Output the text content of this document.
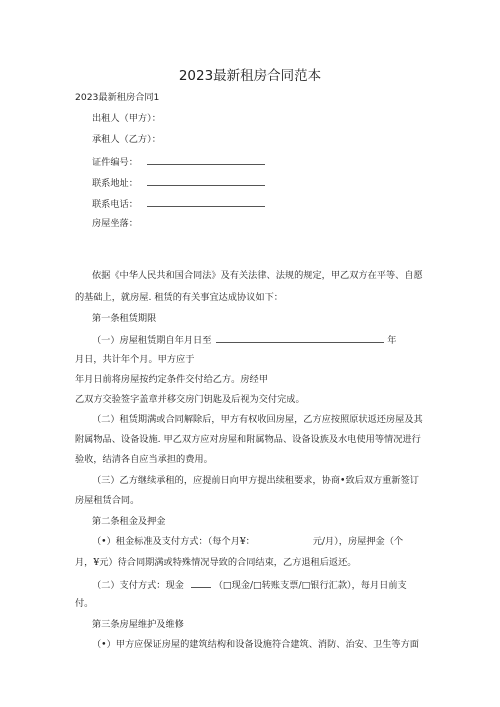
2023最新租房合同范本
2023最新租房合同1
出租人（甲方）：
承租人（乙方）：
证件编号：
联系地址：
联系电话：
房屋坐落：
依据《中华人民共和国合同法》及有关法律、法规的规定，甲乙双方在平等、自愿
的基础上，就房屋. 租赁的有关事宜达成协议如下：
第一条租赁期限
（一）房屋租赁期自年月日至	年
月日，共计年个月。甲方应于
年月日前将房屋按约定条件交付给乙方。房经甲
乙双方交验签字盖章并移交房门钥匙及后视为交付完成。
（二）租赁期满或合同解除后，甲方有权收回房屋，乙方应按照原状返还房屋及其
附属物品、设备设施. 甲乙双方应对房屋和附属物品、设备设族及水电使用等情况进行
验收，结清各自应当承担的费用。
（三）乙方继续承租的，应提前日向甲方提出续租要求，协商•致后双方重新签订
房屋租赁合同。
第二条租金及押金
（•）租金标准及支付方式：（每个月¥：	元/月），房屋押金（个
月，¥元）待合同期满或特殊情况导致的合同结束，乙方退租后返还。
（二）支付方式：现金	（□现金/□转账支票/□银行汇款），每月日前支
付。
第三条房屋维护及维修
（•）甲方应保证房屋的建筑结构和设备设施符合建筑、消防、治安、卫生等方面
